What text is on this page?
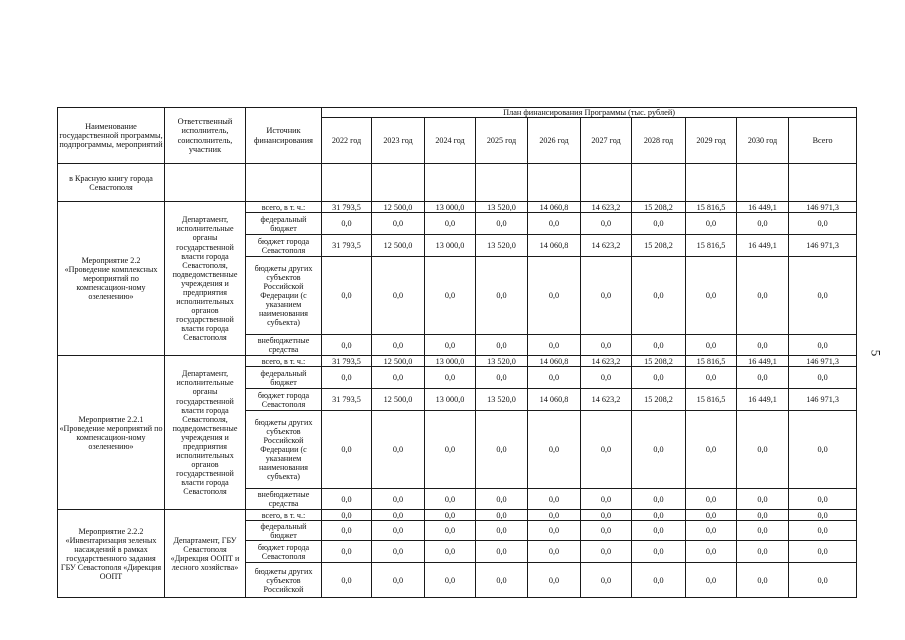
Наименование государственной программы, подпрограммы, мероприятий	Ответственный исполнитель, соисполнитель, участник	Источник финансирования	План финансирования Программы (тыс. рублей)									
			2022 год	2023 год	2024 год	2025 год	2026 год	2027 год	2028 год	2029 год	2030 год	Всего
в Красную книгу города Севастополя												
Мероприятие 2.2 «Проведение комплексных мероприятий по компенсацион-ному озеленению»	Департамент, исполнительные органы государственной власти города Севастополя, подведомственные учреждения и предприятия исполнительных органов государственной власти города Севастополя	всего, в т. ч.:	31 793,5	12 500,0	13 000,0	13 520,0	14 060,8	14 623,2	15 208,2	15 816,5	16 449,1	146 971,3
		федеральный бюджет	0,0	0,0	0,0	0,0	0,0	0,0	0,0	0,0	0,0	0,0
		бюджет города Севастополя	31 793,5	12 500,0	13 000,0	13 520,0	14 060,8	14 623,2	15 208,2	15 816,5	16 449,1	146 971,3
		бюджеты других субъектов Российской Федерации (с указанием наименования субъекта)	0,0	0,0	0,0	0,0	0,0	0,0	0,0	0,0	0,0	0,0
		внебюджетные средства	0,0	0,0	0,0	0,0	0,0	0,0	0,0	0,0	0,0	0,0
Мероприятие 2.2.1 «Проведение мероприятий по компенсацион-ному озеленению»	Департамент, исполнительные органы государственной власти города Севастополя, подведомственные учреждения и предприятия исполнительных органов государственной власти города Севастополя	всего, в т. ч.:	31 793,5	12 500,0	13 000,0	13 520,0	14 060,8	14 623,2	15 208,2	15 816,5	16 449,1	146 971,3
		федеральный бюджет	0,0	0,0	0,0	0,0	0,0	0,0	0,0	0,0	0,0	0,0
		бюджет города Севастополя	31 793,5	12 500,0	13 000,0	13 520,0	14 060,8	14 623,2	15 208,2	15 816,5	16 449,1	146 971,3
		бюджеты других субъектов Российской Федерации (с указанием наименования субъекта)	0,0	0,0	0,0	0,0	0,0	0,0	0,0	0,0	0,0	0,0
		внебюджетные средства	0,0	0,0	0,0	0,0	0,0	0,0	0,0	0,0	0,0	0,0
Мероприятие 2.2.2 «Инвентаризация зеленых насаждений в рамках государственного задания ГБУ Севастополя «Дирекция ООПТ	Департамент, ГБУ Севастополя «Дирекция ООПТ и лесного хозяйства»	всего, в т. ч.:	0,0	0,0	0,0	0,0	0,0	0,0	0,0	0,0	0,0	0,0
		федеральный бюджет	0,0	0,0	0,0	0,0	0,0	0,0	0,0	0,0	0,0	0,0
		бюджет города Севастополя	0,0	0,0	0,0	0,0	0,0	0,0	0,0	0,0	0,0	0,0
		бюджеты других субъектов Российской	0,0	0,0	0,0	0,0	0,0	0,0	0,0	0,0	0,0	0,0
5
